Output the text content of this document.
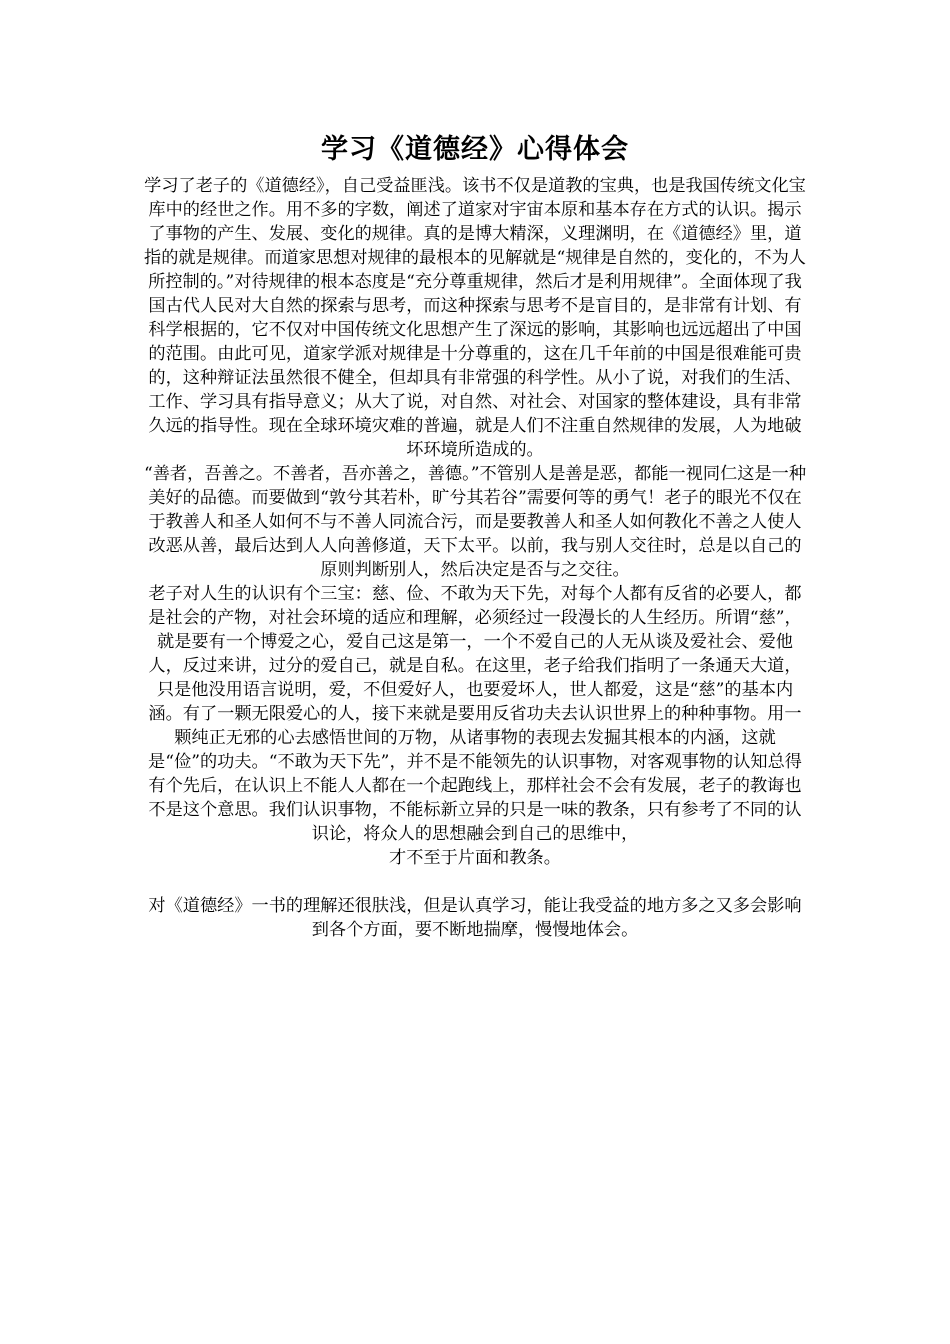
学习《道德经》心得体会

学习了老子的《道德经》，自己受益匪浅。该书不仅是道教的宝典，也是我国传统文化宝库中的经世之作。用不多的字数，阐述了道家对宇宙本原和基本存在方式的认识。揭示了事物的产生、发展、变化的规律。真的是博大精深，义理渊明，在《道德经》里，道指的就是规律。而道家思想对规律的最根本的见解就是“规律是自然的，变化的，不为人所控制的。”对待规律的根本态度是“充分尊重规律，然后才是利用规律”。全面体现了我国古代人民对大自然的探索与思考，而这种探索与思考不是盲目的，是非常有计划、有科学根据的，它不仅对中国传统文化思想产生了深远的影响，其影响也远远超出了中国的范围。由此可见，道家学派对规律是十分尊重的，这在几千年前的中国是很难能可贵的，这种辩证法虽然很不健全，但却具有非常强的科学性。从小了说，对我们的生活、工作、学习具有指导意义；从大了说，对自然、对社会、对国家的整体建设，具有非常久远的指导性。现在全球环境灾难的普遍，就是人们不注重自然规律的发展，人为地破坏环境所造成的。

“善者，吾善之。不善者，吾亦善之，善德。”不管别人是善是恶，都能一视同仁这是一种美好的品德。而要做到“敦兮其若朴，旷兮其若谷”需要何等的勇气！老子的眼光不仅在于教善人和圣人如何不与不善人同流合污，而是要教善人和圣人如何教化不善之人使人改恶从善，最后达到人人向善修道，天下太平。以前，我与别人交往时，总是以自己的原则判断别人，然后决定是否与之交往。

老子对人生的认识有个三宝：慈、俭、不敢为天下先，对每个人都有反省的必要人，都是社会的产物，对社会环境的适应和理解，必须经过一段漫长的人生经历。所谓“慈”，就是要有一个博爱之心，爱自己这是第一，一个不爱自己的人无从谈及爱社会、爱他人，反过来讲，过分的爱自己，就是自私。在这里，老子给我们指明了一条通天大道，只是他没用语言说明，爱，不但爱好人，也要爱坏人，世人都爱，这是“慈”的基本内涵。有了一颗无限爱心的人，接下来就是要用反省功夫去认识世界上的种种事物。用一颗纯正无邪的心去感悟世间的万物，从诸事物的表现去发掘其根本的内涵，这就是“俭”的功夫。“不敢为天下先”，并不是不能领先的认识事物，对客观事物的认知总得有个先后，在认识上不能人人都在一个起跑线上，那样社会不会有发展，老子的教诲也不是这个意思。我们认识事物，不能标新立异的只是一味的教条，只有参考了不同的认识论，将众人的思想融会到自己的思维中，

才不至于片面和教条。

对《道德经》一书的理解还很肤浅，但是认真学习，能让我受益的地方多之又多会影响到各个方面，要不断地揣摩，慢慢地体会。
